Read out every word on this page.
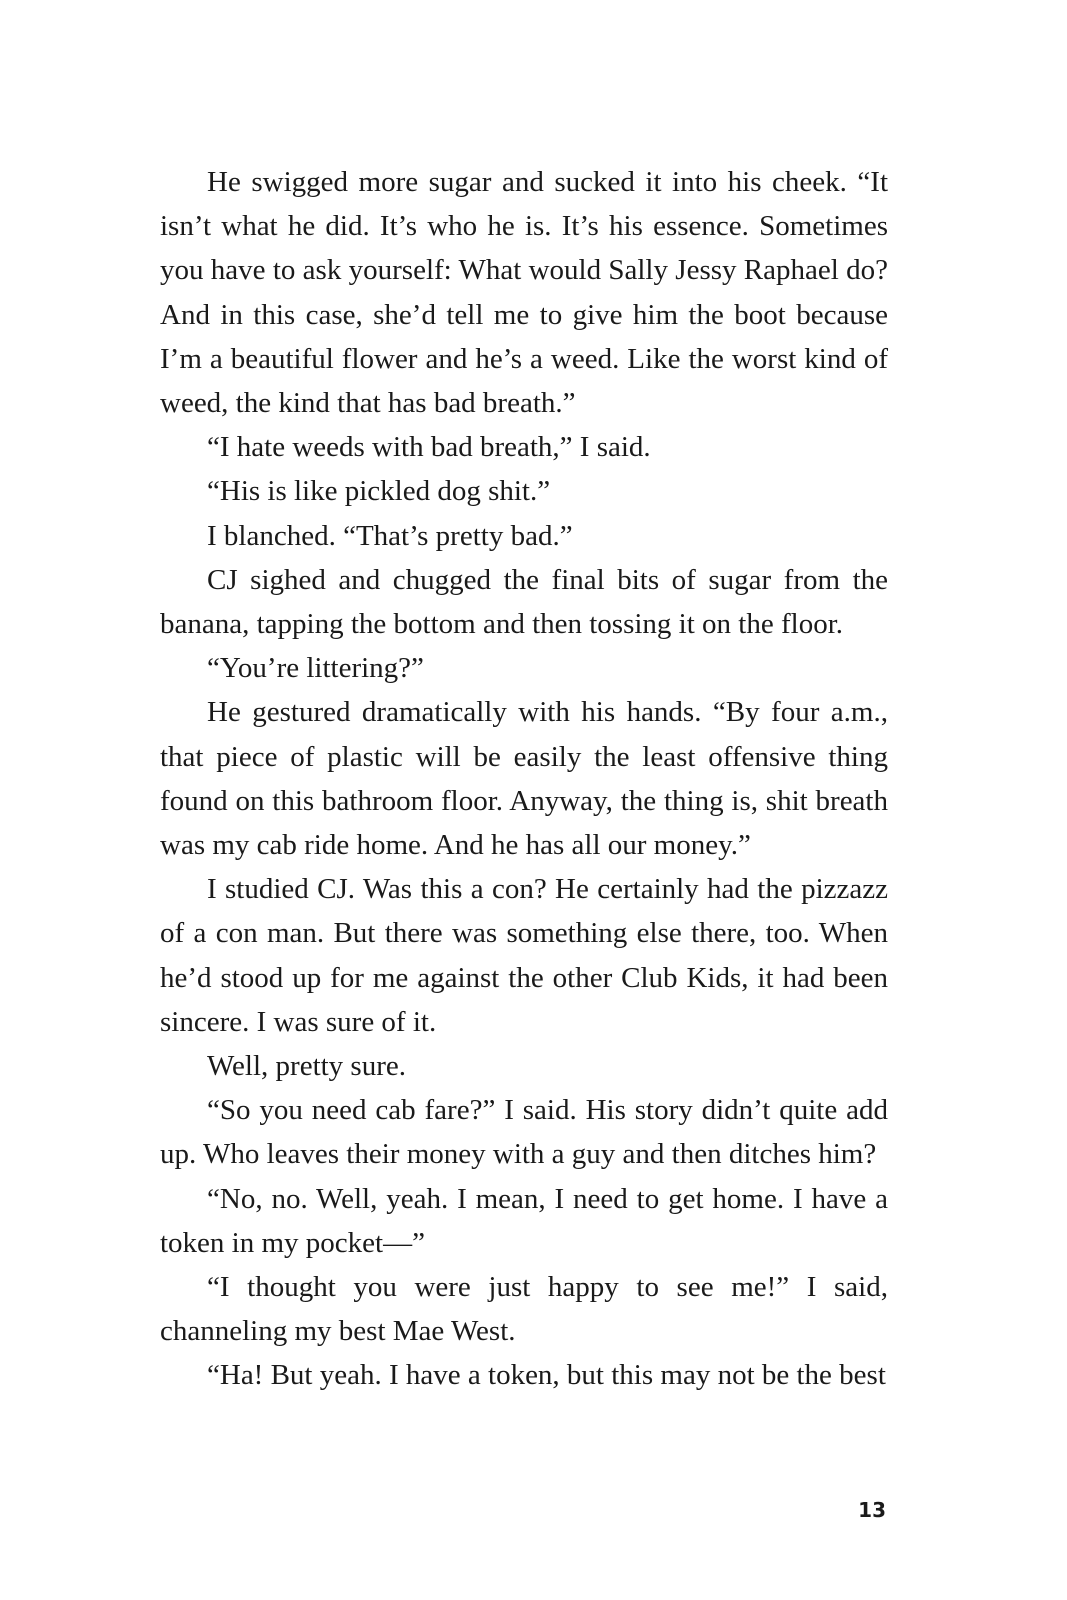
He swigged more sugar and sucked it into his cheek. “It isn’t what he did. It’s who he is. It’s his essence. Sometimes you have to ask yourself: What would Sally Jessy Raphael do? And in this case, she’d tell me to give him the boot because I’m a beautiful flower and he’s a weed. Like the worst kind of weed, the kind that has bad breath.”

“I hate weeds with bad breath,” I said.

“His is like pickled dog shit.”

I blanched. “That’s pretty bad.”

CJ sighed and chugged the final bits of sugar from the banana, tapping the bottom and then tossing it on the floor.

“You’re littering?”

He gestured dramatically with his hands. “By four a.m., that piece of plastic will be easily the least offensive thing found on this bathroom floor. Anyway, the thing is, shit breath was my cab ride home. And he has all our money.”

I studied CJ. Was this a con? He certainly had the pizzazz of a con man. But there was something else there, too. When he’d stood up for me against the other Club Kids, it had been sincere. I was sure of it.

Well, pretty sure.

“So you need cab fare?” I said. His story didn’t quite add up. Who leaves their money with a guy and then ditches him?

“No, no. Well, yeah. I mean, I need to get home. I have a token in my pocket—”

“I thought you were just happy to see me!” I said, channeling my best Mae West.

“Ha! But yeah. I have a token, but this may not be the best

13
